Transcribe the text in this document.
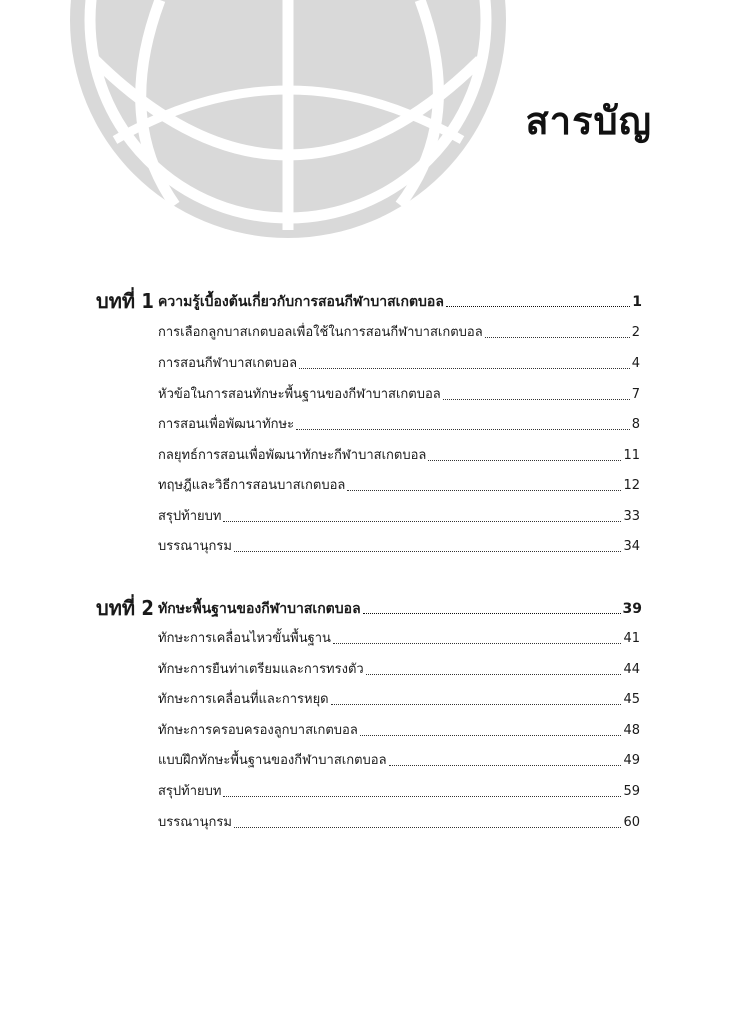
สารบัญ
บทที่ 1 ความรู้เบื้องต้นเกี่ยวกับการสอนกีฬาบาสเกตบอล	1
การเลือกลูกบาสเกตบอลเพื่อใช้ในการสอนกีฬาบาสเกตบอล	2
การสอนกีฬาบาสเกตบอล	4
หัวข้อในการสอนทักษะพื้นฐานของกีฬาบาสเกตบอล	7
การสอนเพื่อพัฒนาทักษะ	8
กลยุทธ์การสอนเพื่อพัฒนาทักษะกีฬาบาสเกตบอล	11
ทฤษฎีและวิธีการสอนบาสเกตบอล	12
สรุปท้ายบท	33
บรรณานุกรม	34
บทที่ 2 ทักษะพื้นฐานของกีฬาบาสเกตบอล	39
ทักษะการเคลื่อนไหวขั้นพื้นฐาน	41
ทักษะการยืนท่าเตรียมและการทรงตัว	44
ทักษะการเคลื่อนที่และการหยุด	45
ทักษะการครอบครองลูกบาสเกตบอล	48
แบบฝึกทักษะพื้นฐานของกีฬาบาสเกตบอล	49
สรุปท้ายบท	59
บรรณานุกรม	60
